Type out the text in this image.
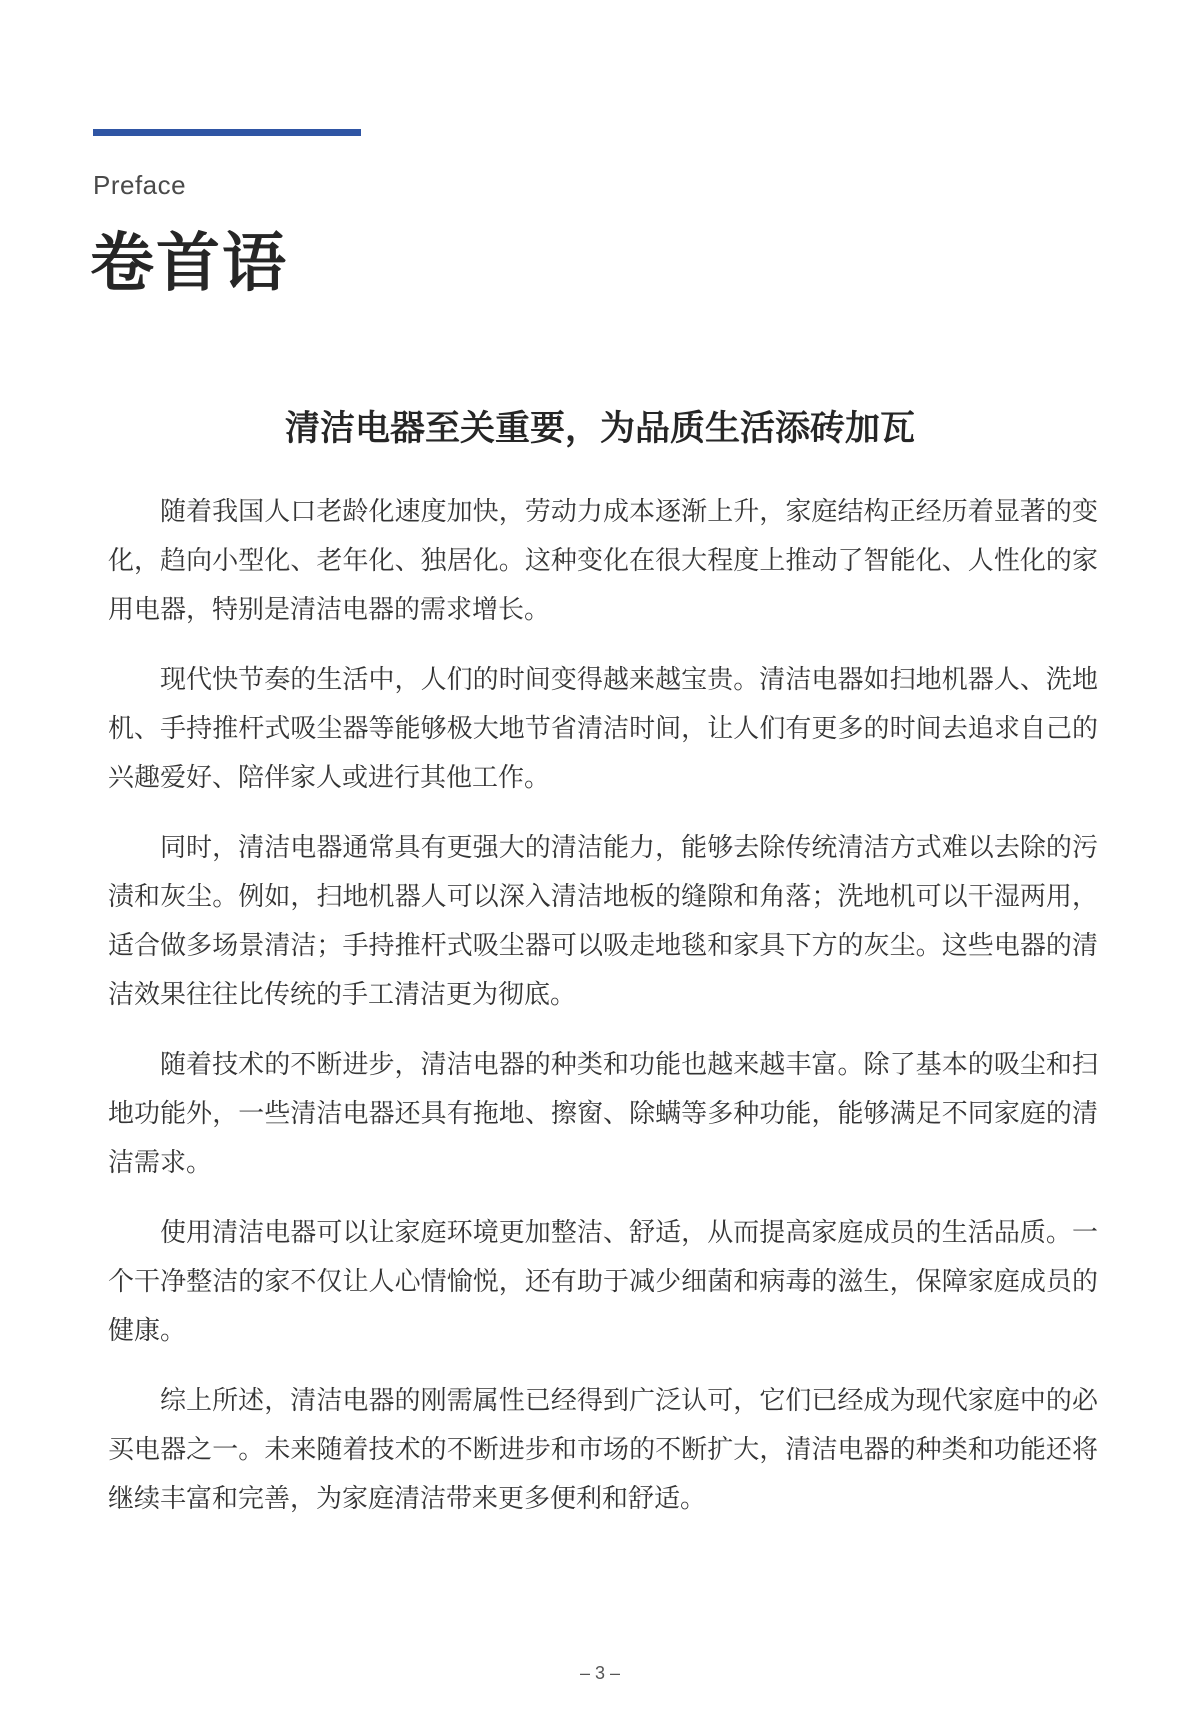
Preface
卷首语
清洁电器至关重要，为品质生活添砖加瓦

随着我国人口老龄化速度加快，劳动力成本逐渐上升，家庭结构正经历着显著的变化，趋向小型化、老年化、独居化。这种变化在很大程度上推动了智能化、人性化的家用电器，特别是清洁电器的需求增长。

现代快节奏的生活中，人们的时间变得越来越宝贵。清洁电器如扫地机器人、洗地机、手持推杆式吸尘器等能够极大地节省清洁时间，让人们有更多的时间去追求自己的兴趣爱好、陪伴家人或进行其他工作。

同时，清洁电器通常具有更强大的清洁能力，能够去除传统清洁方式难以去除的污渍和灰尘。例如，扫地机器人可以深入清洁地板的缝隙和角落；洗地机可以干湿两用，适合做多场景清洁；手持推杆式吸尘器可以吸走地毯和家具下方的灰尘。这些电器的清洁效果往往比传统的手工清洁更为彻底。

随着技术的不断进步，清洁电器的种类和功能也越来越丰富。除了基本的吸尘和扫地功能外，一些清洁电器还具有拖地、擦窗、除螨等多种功能，能够满足不同家庭的清洁需求。

使用清洁电器可以让家庭环境更加整洁、舒适，从而提高家庭成员的生活品质。一个干净整洁的家不仅让人心情愉悦，还有助于减少细菌和病毒的滋生，保障家庭成员的健康。

综上所述，清洁电器的刚需属性已经得到广泛认可，它们已经成为现代家庭中的必买电器之一。未来随着技术的不断进步和市场的不断扩大，清洁电器的种类和功能还将继续丰富和完善，为家庭清洁带来更多便利和舒适。

– 3 –
